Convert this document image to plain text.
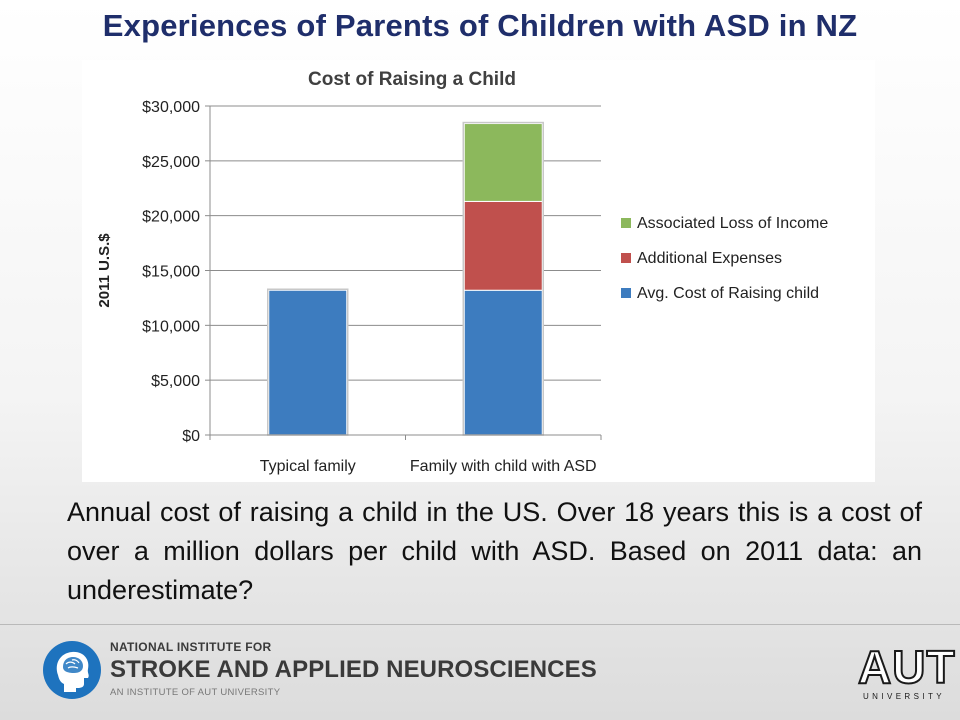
Experiences of Parents of Children with ASD in NZ
$0
$5,000
$10,000
$15,000
$20,000
$25,000
$30,000
2011 U.S.$
Typical family	Family with child with ASD
Associated Loss of Income
Additional Expenses
Avg. Cost of Raising child
Cost of Raising a Child
Annual cost of raising a child in the US. Over 18 years this is a cost of over a million dollars per child with ASD. Based on 2011 data: an underestimate?
NATIONAL INSTITUTE FOR
STROKE AND APPLIED NEUROSCIENCES
AN INSTITUTE OF AUT UNIVERSITY	AUT
UNIVERSITY
